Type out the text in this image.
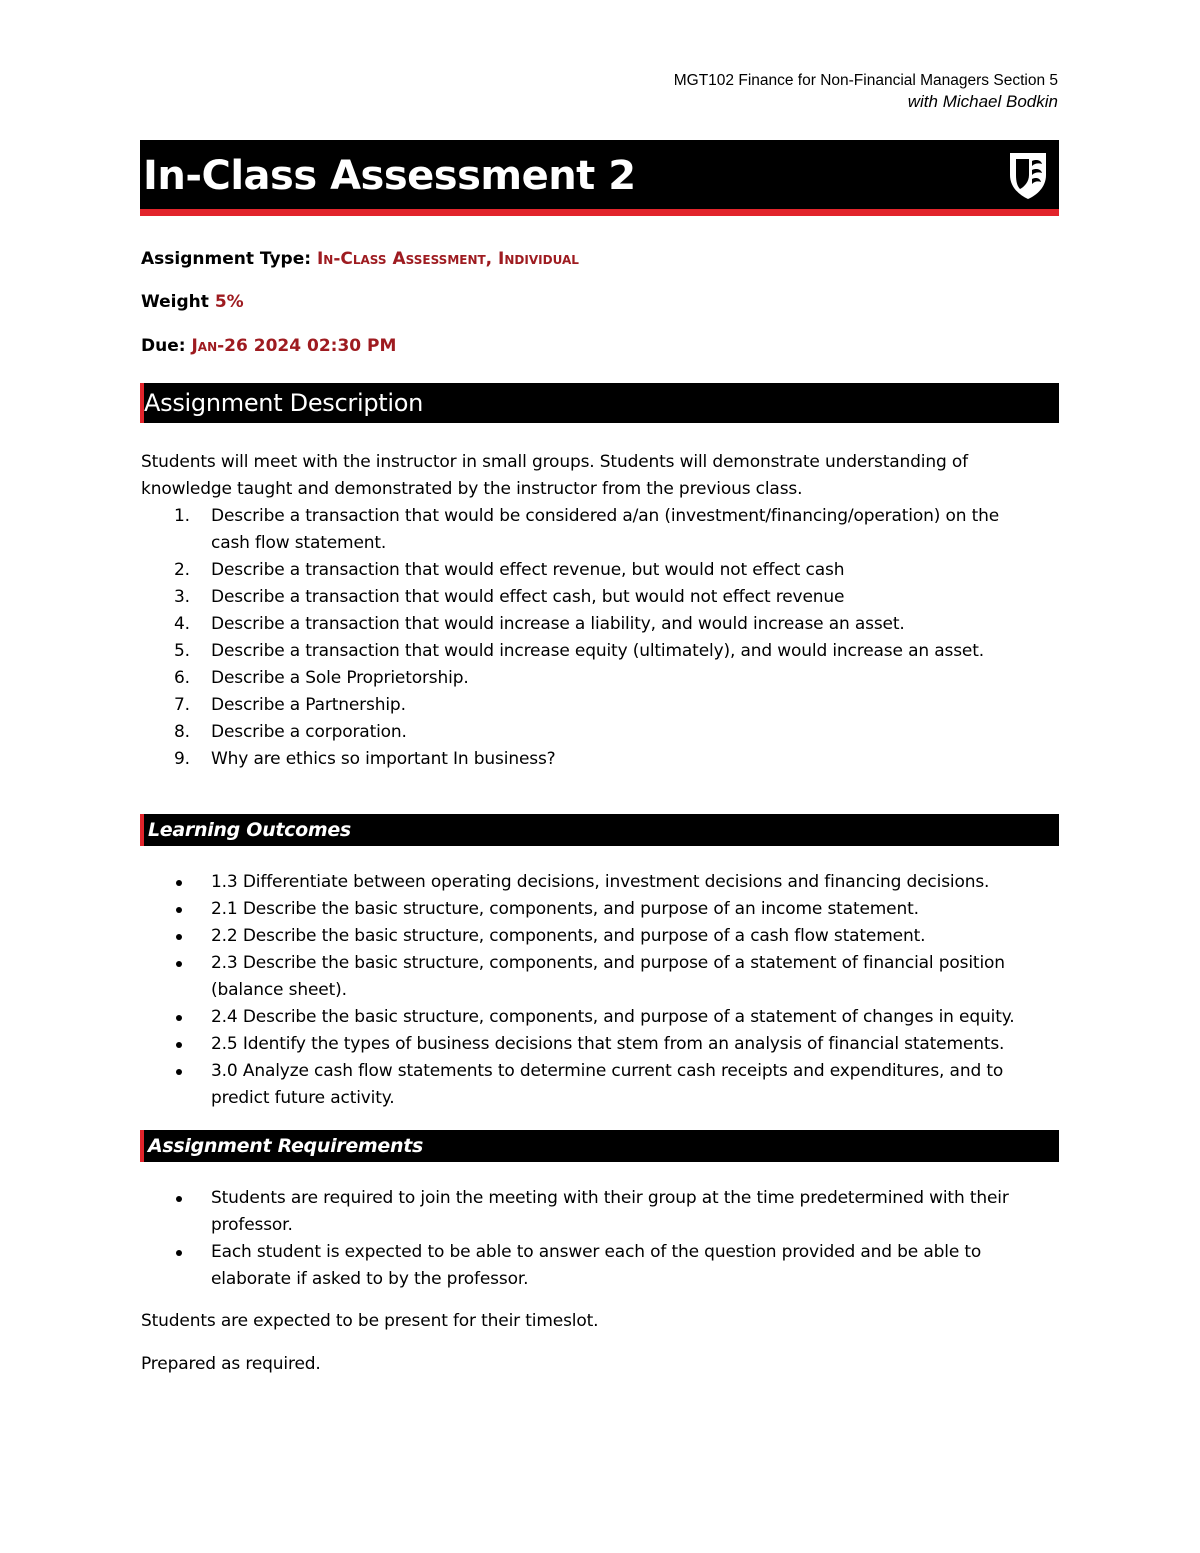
MGT102 Finance for Non-Financial Managers Section 5
with Michael Bodkin
In-Class Assessment 2
Assignment Type: In-Class Assessment, Individual
Weight 5%
Due: Jan-26 2024 02:30 PM
Assignment Description

Students will meet with the instructor in small groups. Students will demonstrate understanding of
knowledge taught and demonstrated by the instructor from the previous class.

1. Describe a transaction that would be considered a/an (investment/financing/operation) on the
cash flow statement.
2. Describe a transaction that would effect revenue, but would not effect cash
3. Describe a transaction that would effect cash, but would not effect revenue
4. Describe a transaction that would increase a liability, and would increase an asset.
5. Describe a transaction that would increase equity (ultimately), and would increase an asset.
6. Describe a Sole Proprietorship.
7. Describe a Partnership.
8. Describe a corporation.
9. Why are ethics so important In business?
Learning Outcomes
1.3 Differentiate between operating decisions, investment decisions and financing decisions.
2.1 Describe the basic structure, components, and purpose of an income statement.
2.2 Describe the basic structure, components, and purpose of a cash flow statement.
2.3 Describe the basic structure, components, and purpose of a statement of financial position
(balance sheet).
2.4 Describe the basic structure, components, and purpose of a statement of changes in equity.
2.5 Identify the types of business decisions that stem from an analysis of financial statements.
3.0 Analyze cash flow statements to determine current cash receipts and expenditures, and to
predict future activity.
Assignment Requirements
Students are required to join the meeting with their group at the time predetermined with their
professor.
Each student is expected to be able to answer each of the question provided and be able to
elaborate if asked to by the professor.
Students are expected to be present for their timeslot.
Prepared as required.
